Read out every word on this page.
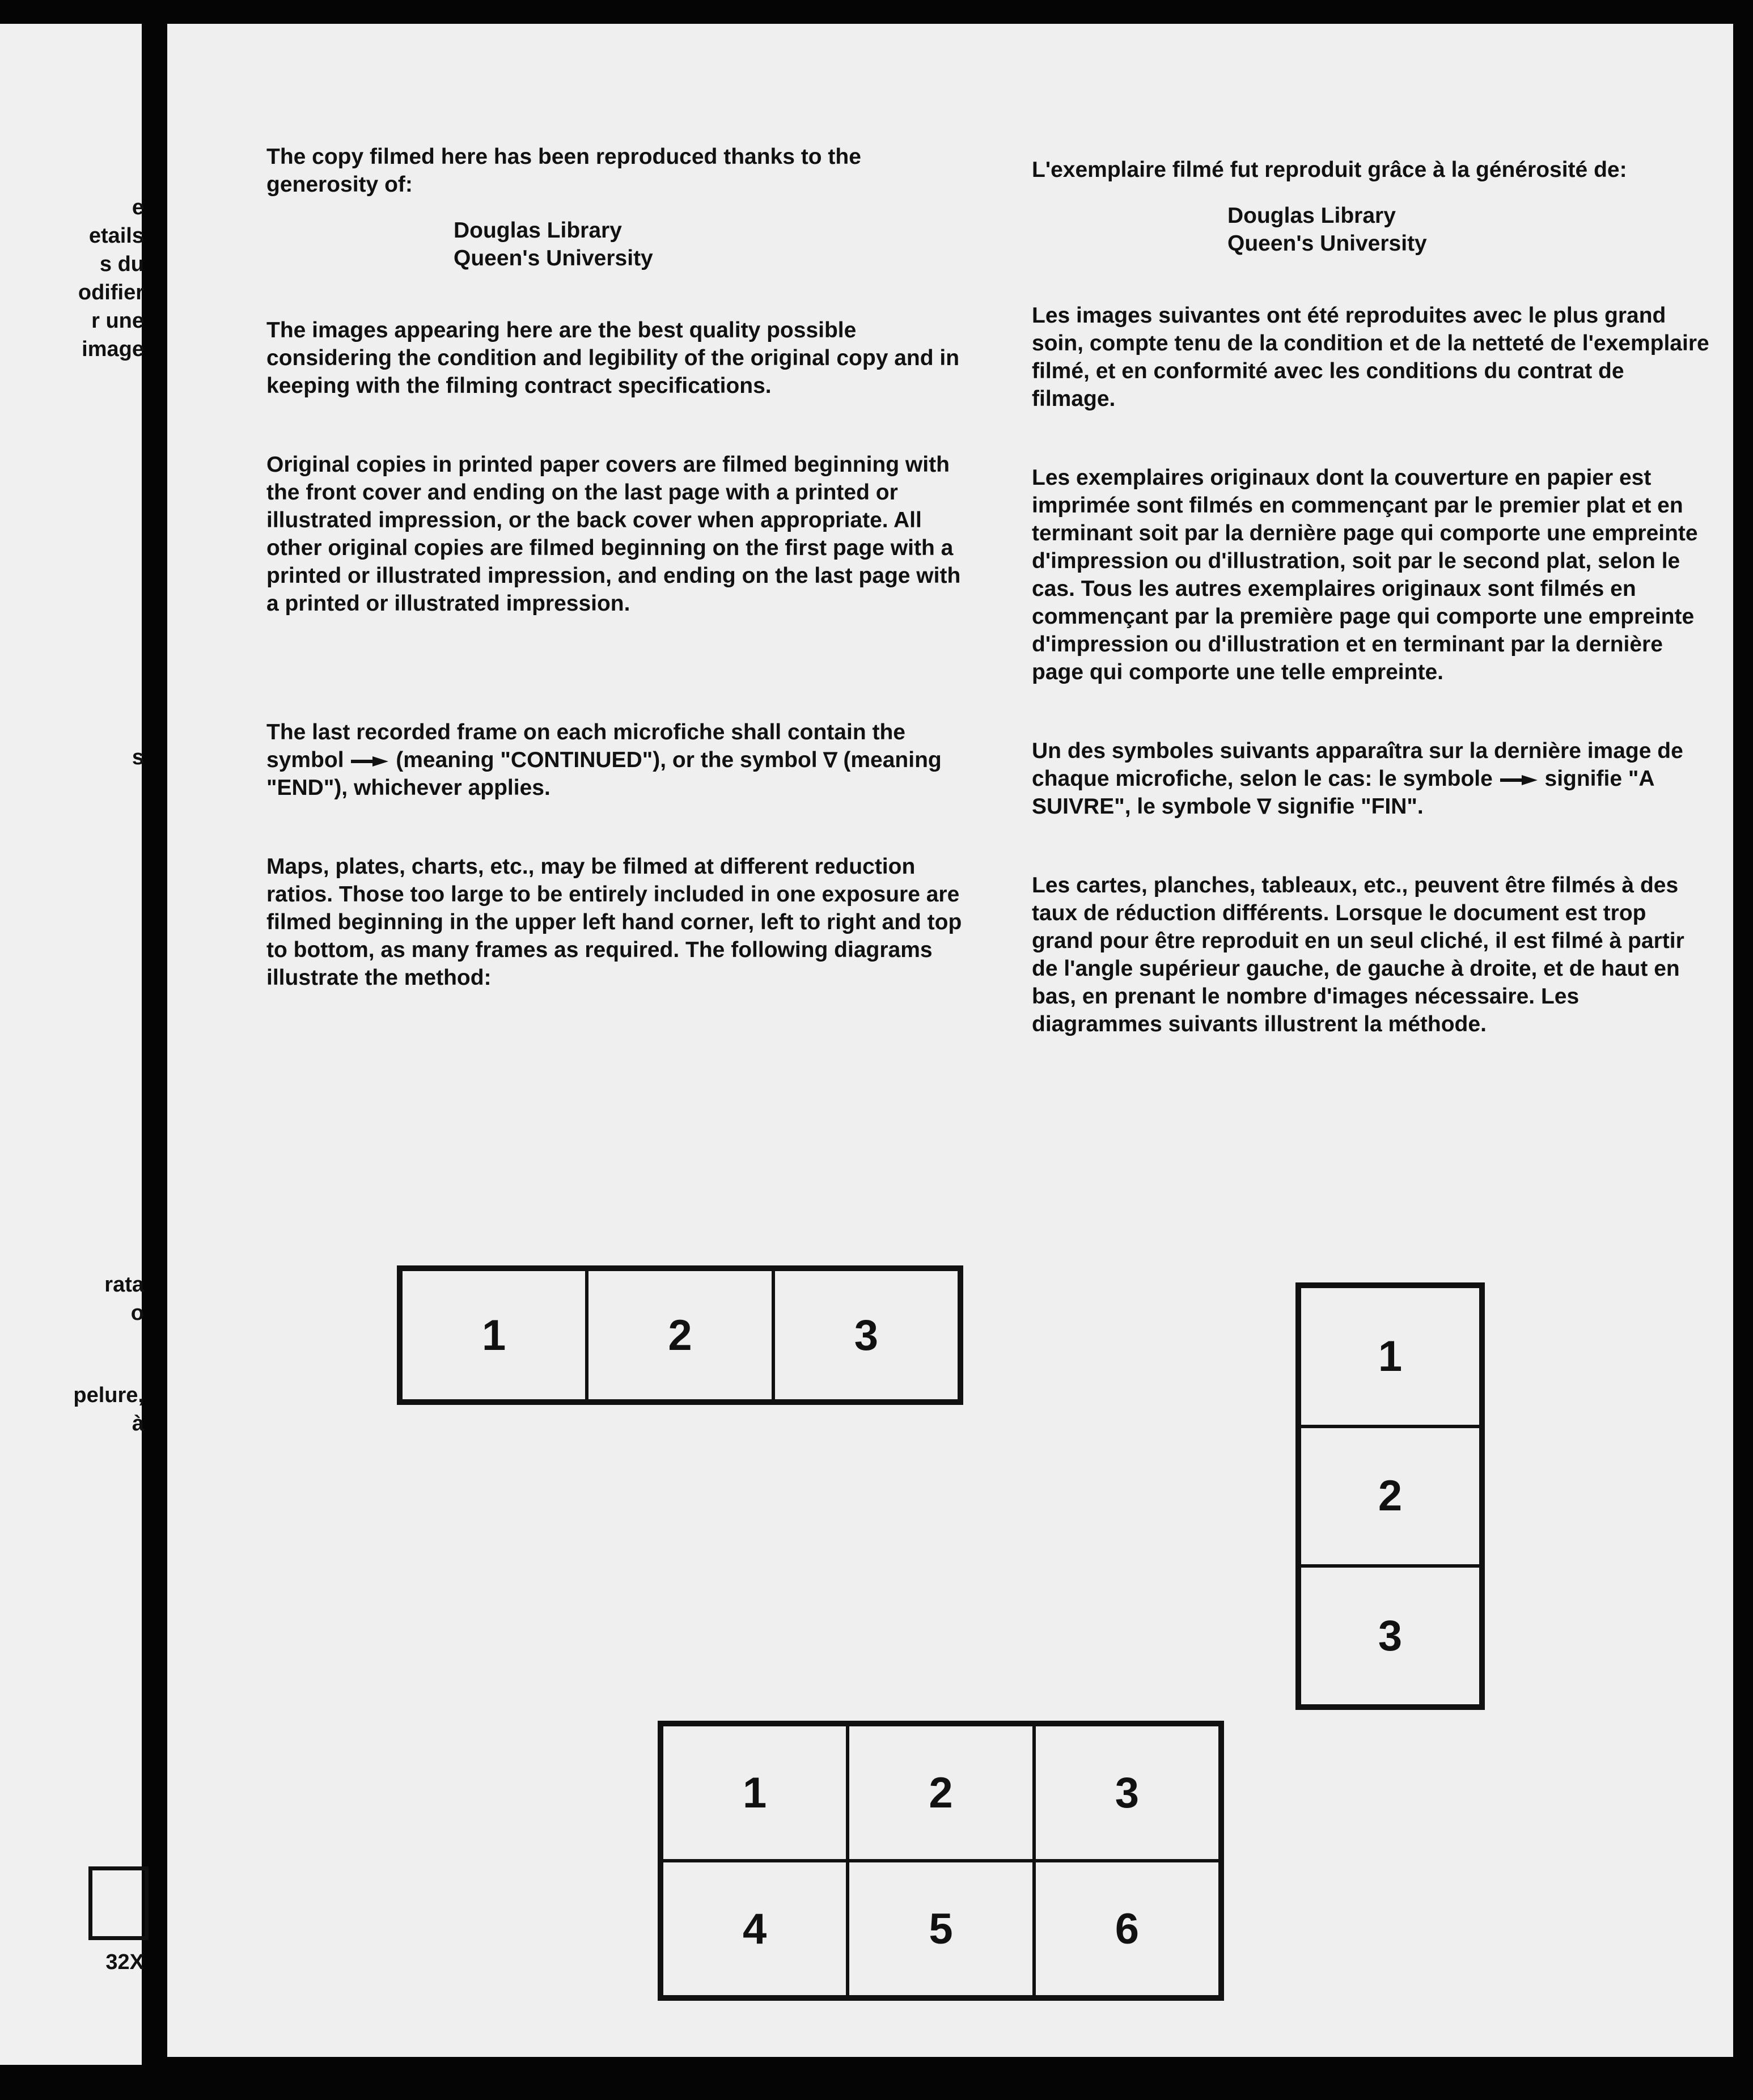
e
etails
s du
odifier
r une
image
s
rata
o
pelure,
à
32X

The copy filmed here has been reproduced thanks to the generosity of:

Douglas Library
Queen's University

The images appearing here are the best quality possible considering the condition and legibility of the original copy and in keeping with the filming contract specifications.

Original copies in printed paper covers are filmed beginning with the front cover and ending on the last page with a printed or illustrated impression, or the back cover when appropriate. All other original copies are filmed beginning on the first page with a printed or illustrated impression, and ending on the last page with a printed or illustrated impression.

The last recorded frame on each microfiche shall contain the symbol (meaning "CONTINUED"), or the symbol ∇ (meaning "END"), whichever applies.

Maps, plates, charts, etc., may be filmed at different reduction ratios. Those too large to be entirely included in one exposure are filmed beginning in the upper left hand corner, left to right and top to bottom, as many frames as required. The following diagrams illustrate the method:

L'exemplaire filmé fut reproduit grâce à la générosité de:

Douglas Library
Queen's University

Les images suivantes ont été reproduites avec le plus grand soin, compte tenu de la condition et de la netteté de l'exemplaire filmé, et en conformité avec les conditions du contrat de filmage.

Les exemplaires originaux dont la couverture en papier est imprimée sont filmés en commençant par le premier plat et en terminant soit par la dernière page qui comporte une empreinte d'impression ou d'illustration, soit par le second plat, selon le cas. Tous les autres exemplaires originaux sont filmés en commençant par la première page qui comporte une empreinte d'impression ou d'illustration et en terminant par la dernière page qui comporte une telle empreinte.

Un des symboles suivants apparaîtra sur la dernière image de chaque microfiche, selon le cas: le symbole signifie "A SUIVRE", le symbole ∇ signifie "FIN".

Les cartes, planches, tableaux, etc., peuvent être filmés à des taux de réduction différents. Lorsque le document est trop grand pour être reproduit en un seul cliché, il est filmé à partir de l'angle supérieur gauche, de gauche à droite, et de haut en bas, en prenant le nombre d'images nécessaire. Les diagrammes suivants illustrent la méthode.

1	2	3	1
2
3
1	2	3
4	5	6
